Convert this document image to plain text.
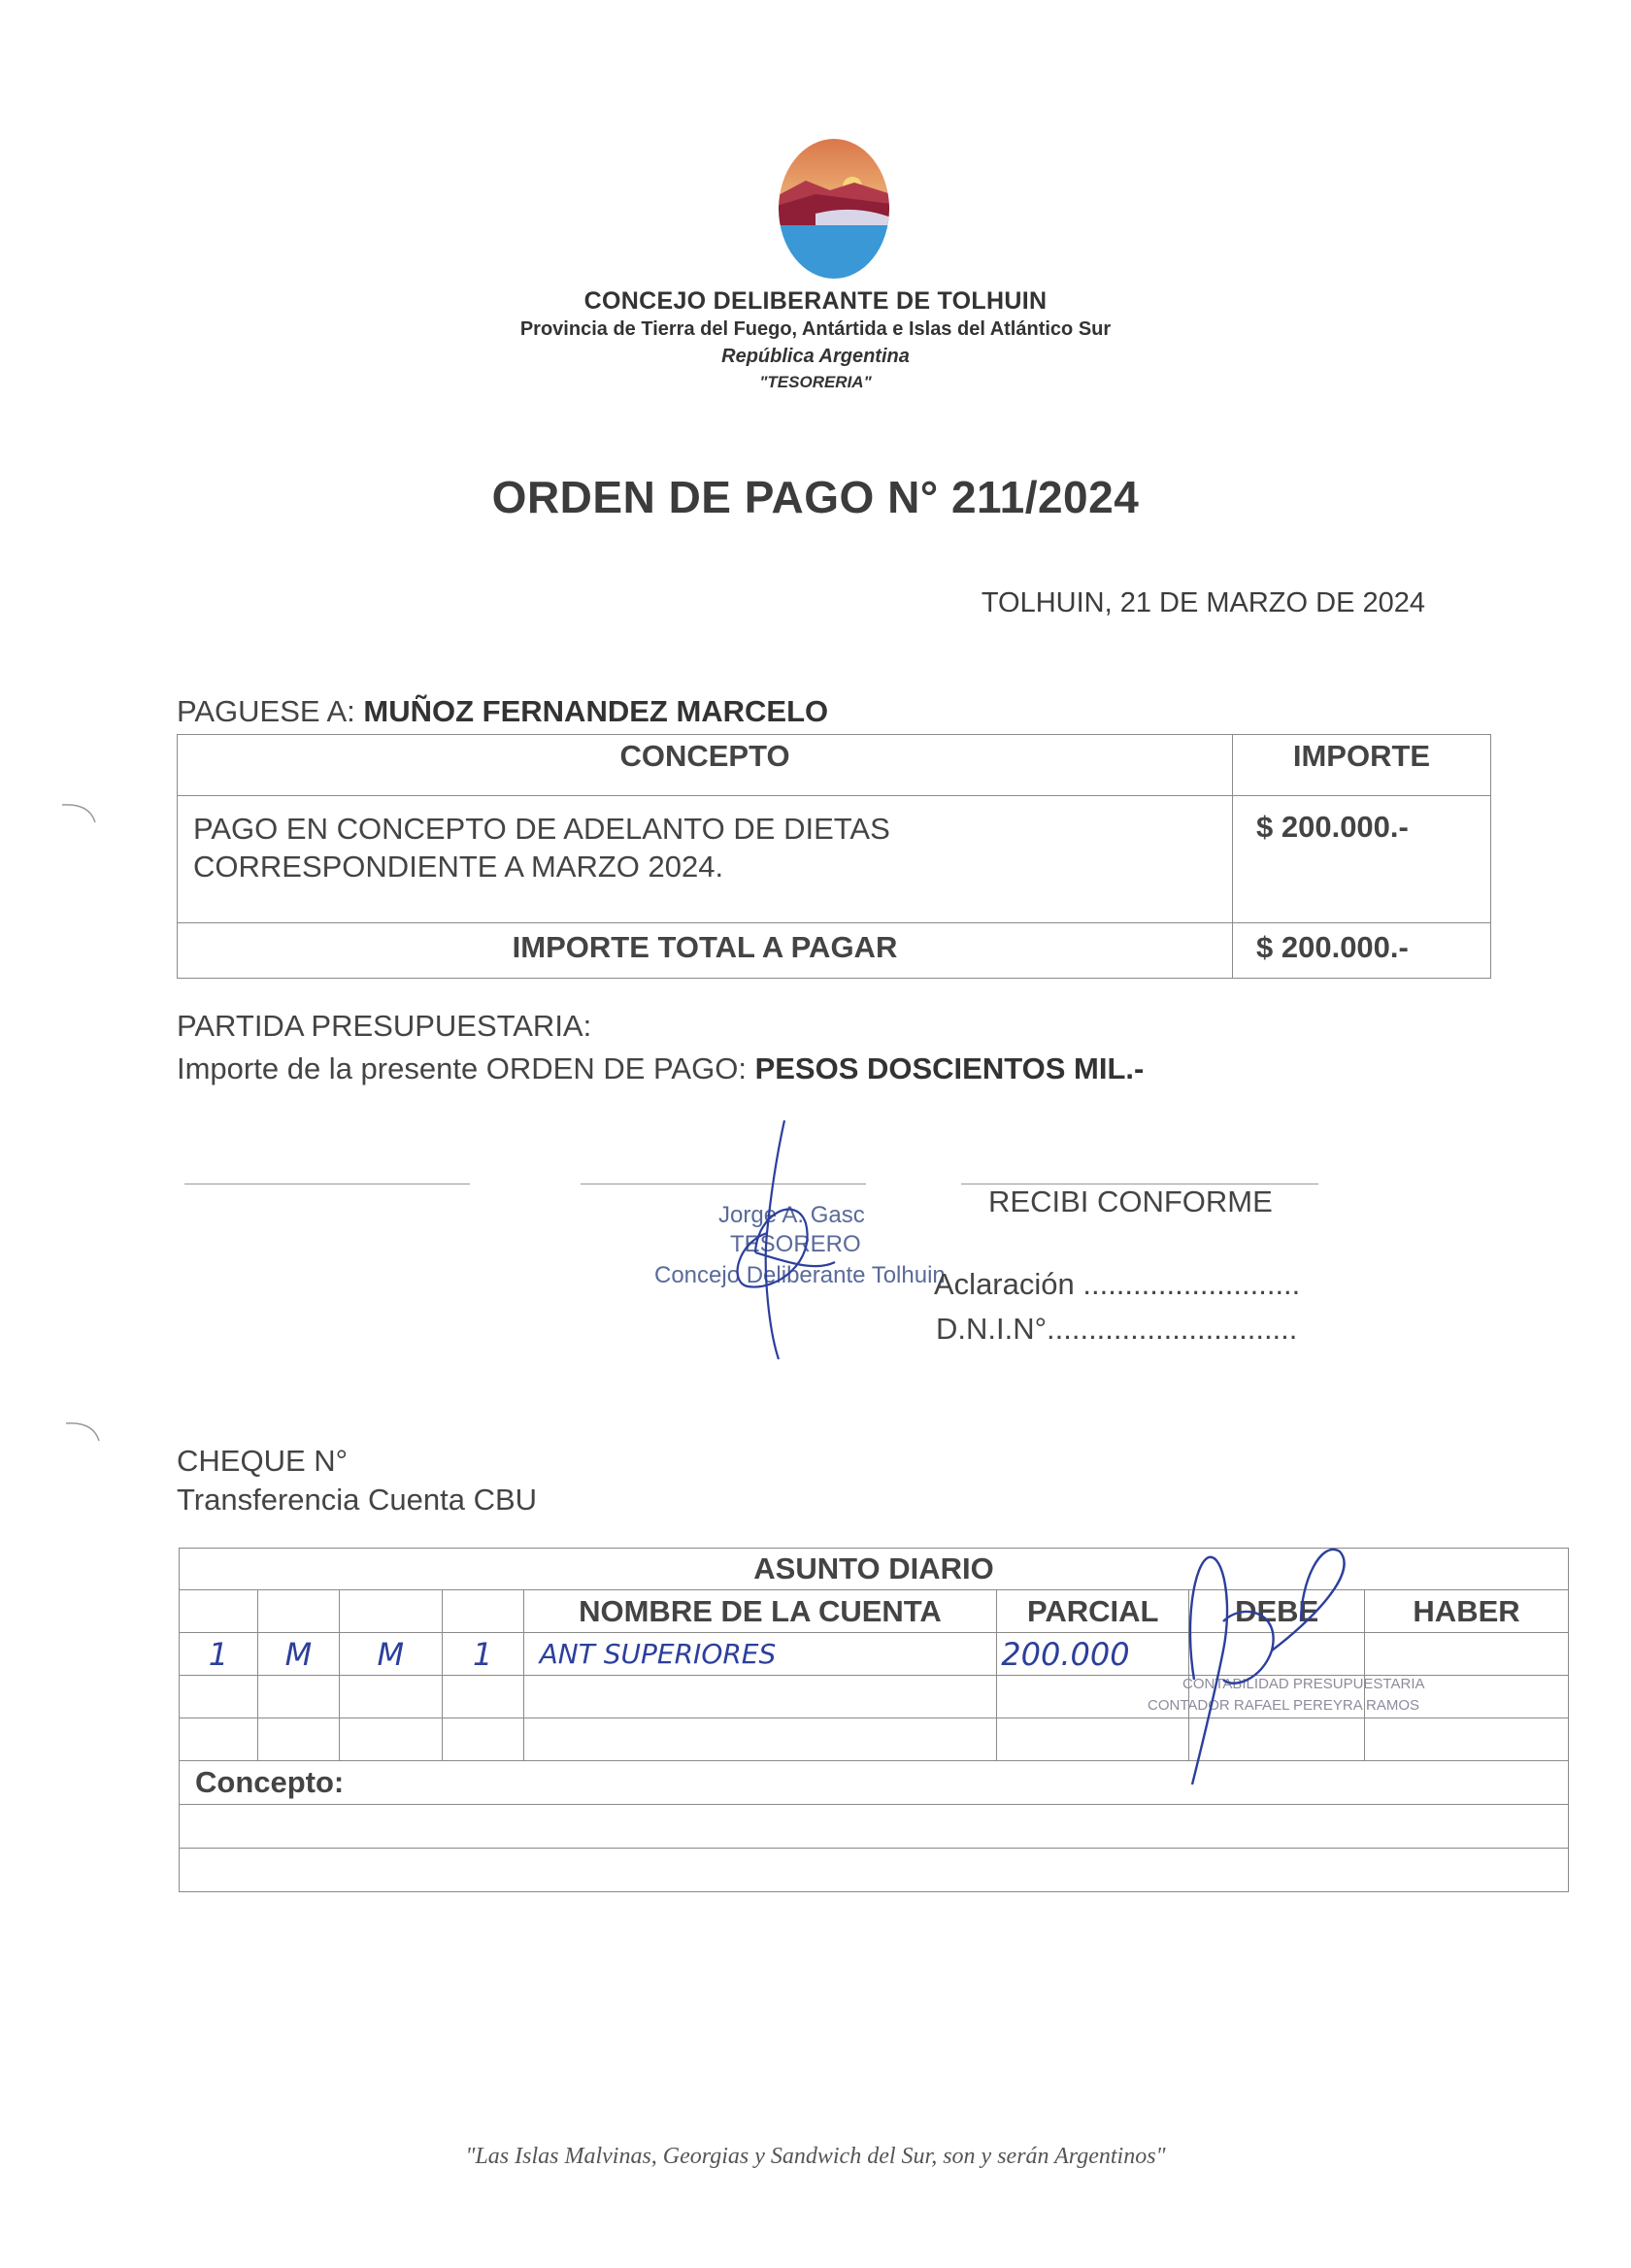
CONCEJO DELIBERANTE DE TOLHUIN
Provincia de Tierra del Fuego, Antártida e Islas del Atlántico Sur
República Argentina
"TESORERIA"
ORDEN DE PAGO N° 211/2024
TOLHUIN, 21 DE MARZO DE 2024
PAGUESE A: MUÑOZ FERNANDEZ MARCELO
CONCEPTO	IMPORTE

PAGO EN CONCEPTO DE ADELANTO DE DIETAS
CORRESPONDIENTE A MARZO 2024.	$ 200.000.-
IMPORTE TOTAL A PAGAR	$ 200.000.-
PARTIDA PRESUPUESTARIA:
Importe de la presente ORDEN DE PAGO: PESOS DOSCIENTOS MIL.-
Jorge A. Gasc
TESORERO
Concejo Deliberante Tolhuin
RECIBI CONFORME
Aclaración ..........................
D.N.I.N°..............................
CHEQUE N°
Transferencia Cuenta CBU
ASUNTO DIARIO							
				NOMBRE DE LA CUENTA	PARCIAL	DEBE	HABER
1	M	M	1	ANT SUPERIORES	200.000		

Concepto:							

CONTABILIDAD PRESUPUESTARIA
CONTADOR RAFAEL PEREYRA RAMOS
"Las Islas Malvinas, Georgias y Sandwich del Sur, son y serán Argentinos"
